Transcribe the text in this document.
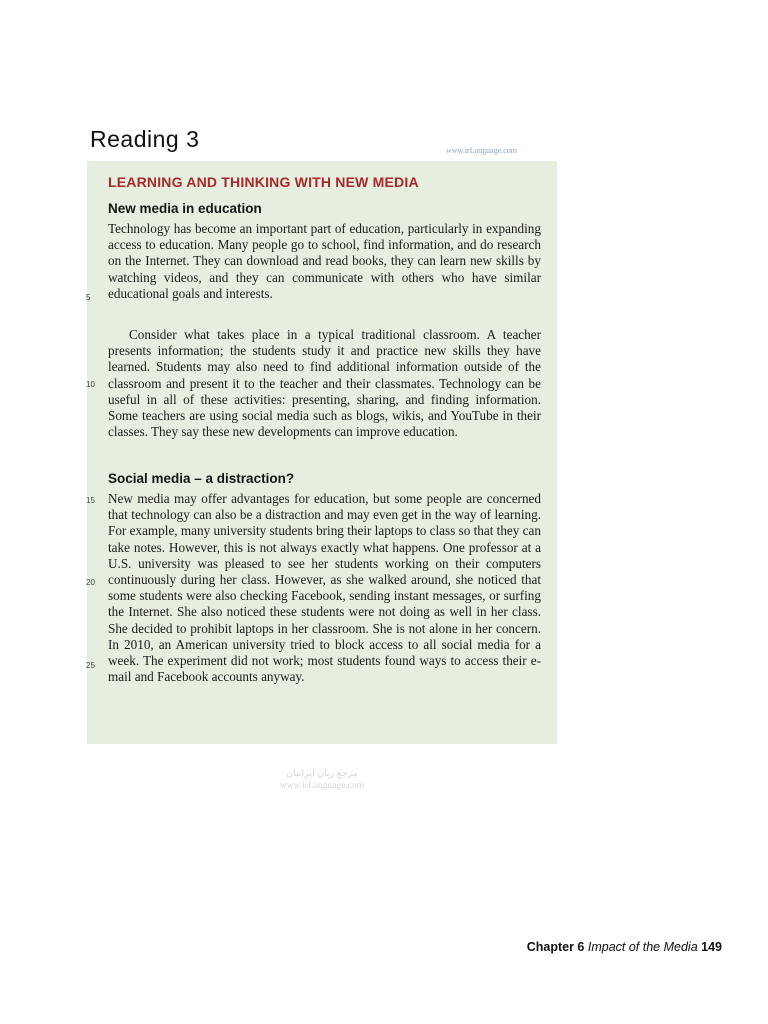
Reading 3	www.irLanguage.com
LEARNING AND THINKING WITH NEW MEDIA
New media in education

Technology has become an important part of education, particularly in expanding access to education. Many people go to school, find information, and do research on the Internet. They can download and read books, they can learn new skills by watching videos, and they can communicate with others who have similar educational goals and interests.

Consider what takes place in a typical traditional classroom. A teacher presents information; the students study it and practice new skills they have learned. Students may also need to find additional information outside of the classroom and present it to the teacher and their classmates. Technology can be useful in all of these activities: presenting, sharing, and finding information. Some teachers are using social media such as blogs, wikis, and YouTube in their classes. They say these new developments can improve education.

Social media – a distraction?

New media may offer advantages for education, but some people are concerned that technology can also be a distraction and may even get in the way of learning. For example, many university students bring their laptops to class so that they can take notes. However, this is not always exactly what happens. One professor at a U.S. university was pleased to see her students working on their computers continuously during her class. However, as she walked around, she noticed that some students were also checking Facebook, sending instant messages, or surfing the Internet. She also noticed these students were not doing as well in her class. She decided to prohibit laptops in her classroom. She is not alone in her concern. In 2010, an American university tried to block access to all social media for a week. The experiment did not work; most students found ways to access their e-mail and Facebook accounts anyway.

5
10
15
20
25
مرجع زبان ایرانیان
www.irLanguage.com
Chapter 6 Impact of the Media 149
